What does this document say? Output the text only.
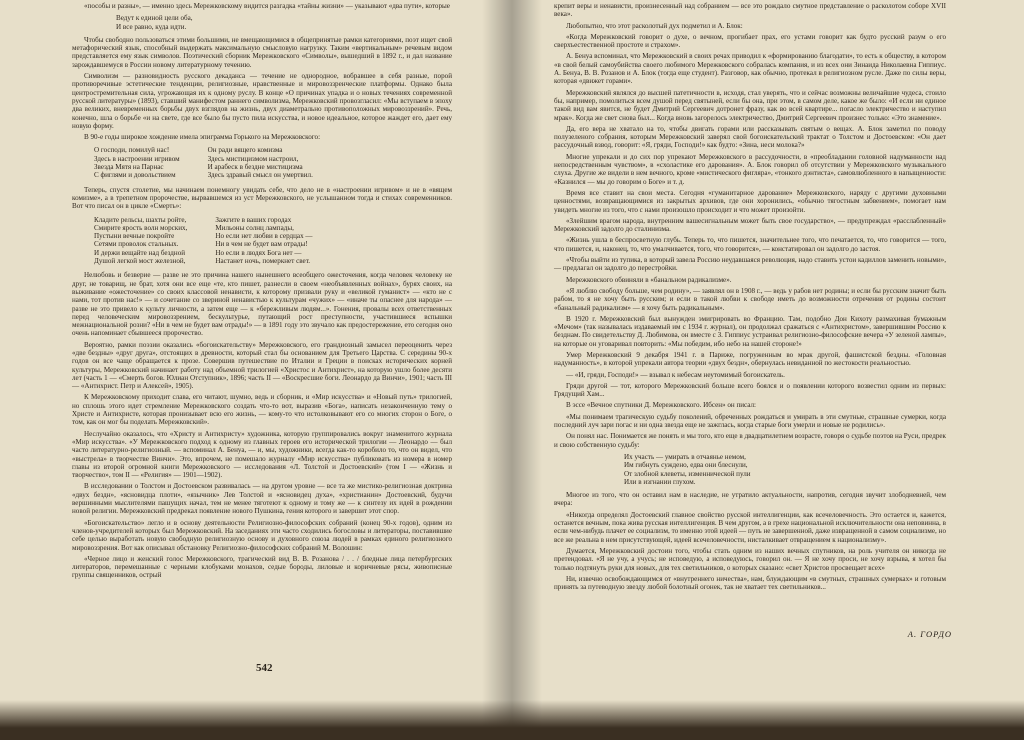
«пособы и разны», — именно здесь Мережковскому видится разгадка «тайны жизни» — указывают «два пути», которые

Ведут к единой цели оба,
И все равно, куда идти.

Чтобы свободно пользоваться этими большими, не вмещающимися в общепринятые рамки категориями, поэт ищет свой метафорический язык, способный выдержать максимальную смысловую нагрузку. Таким «вертикальным» речевым видом представляется ему язык символов. Поэтический сборник Мережковского «Символы», вышедший в 1892 г., и дал название зарождавшемуся в России новому литературному течению.

Символизм — разновидность русского декаданса — течение не однородное, вобравшее в себя разные, порой противоречивые эстетические тенденции, религиозные, нравственные и мировоззренческие платформы. Однако была центростремительная сила, угрожающая их к одному руслу. В конце «О причинах упадка и о новых течениях современной русской литературы» (1893), ставший манифестом раннего символизма, Мережковский провозгласил: «Мы вступаем в эпоху два великих, вневременных борьбы двух взглядов на жизнь, двух диаметрально противоположных мировоззрений». Речь, конечно, шла о борьбе «и на свете, где все было бы пусто пила искусства, и новое идеальное, которое жаждет его, дает ему новую форму.

В 90-е годы широкое хождение имела эпиграмма Горького на Мережковского:

О господи, помилуй нас!
Здесь в настроении игривом
Звезда Мятя на Парнас
С фиглями и довольствием
Он ради вящего комизма
Здесь мистицизмом настроил,
И арабеск в бездне мистицизма
Здесь здравый смысл он умертвил.

Теперь, спустя столетие, мы начинаем понемногу увидать себе, что дело не в «настроении игривом» и не в «вящем комизме», а в трепетном пророчестве, вырвавшемся из уст Мережковского, не услышанном тогда и стихах современников. Вот что писал он в цикле «Смерть»:

Кладите рельсы, шахты ройте,
Смирите ярость волн морских,
Пустыни вечные покройте
Сетями проволок стальных.
И держи вещайте над бездной
Душой легкой мост железной,
Зажгите в ваших городах
Мильоны солнц лампады,
Но если нет любви в сердцах —
Ни в чем не будет вам отрады!
Но если в людях Бога нет —
Настанет ночь, померкнет свет.

Нелюбовь и безверие — разве не это причина нашего нынешнего всеобщего ожесточения, когда человек человеку не друг, не товарищ, не брат, хотя они все еще «те, кто пишет, разнесли в своем «необъявленных войнах», бурях своих, на выживание «ожесточение» со своих классовой ненависти, к которому призвали руку и «великой гуманист» — «кто не с нами, тот против нас!» — и сочетание со звериной ненавистью к культурам «чужих» — «иначе ты опаснее для народа» — разве не это привело к культу личности, а затем еще — к «бережливым людям...». Гонения, провалы всех ответственных перед человеческим мировоззрением, бескультурье, путающий рост преступности, участившиеся вспышки межнациональной розни? «Ни в чем не будет вам отрады!» — в 1891 году это звучало как предостережение, ето сегодня оно очень напоминает сбывшееся пророчество.

Вероятно, рамки поэзии оказались «богоискательству» Мережковского, его грандиозный замысел переоценить через «две бездны» «друг друга», отстоящих в древности, который стал бы основанием для Третьего Царства. С середины 90-х годов он все чаще обращается к прозе. Совершив путешествие по Италии и Греции в поисках исторических корней культуры, Мережковский начинает работу над объемной трилогией «Христос и Антихрист», на которую ушло более десяти лет (часть 1 — «Смерть богов. Юлиан Отступник», 1896; часть II — «Воскресшие боги. Леонардо да Винчи», 1901; часть III — «Антихрист. Петр и Алексей», 1905).

К Мережковскому приходит слава, его читают, шумно, ведь и сборник, и «Мир искусства» и «Новый путь» трилогией, но сплошь этого идет стремление Мережковского создать что-то вот, выразив «Бога», написать незаконченную тему о Христе и Антихристе, которая пронизывает всю его жизнь, — кому-то что истолковывают его со многих сторон о Боге, о том, как он мог бы поделать Мережковский».

Неслучайно оказалось, что «Христу и Антихристу» художника, которую группировались вокруг знаменитого журнала «Мир искусства». «У Мережковского подход к одному из главных героев его исторической трилогии — Леонардо — был часто литературно-религиозный. — вспоминал А. Бенуа, — и, мы, художники, всегда как-то коробило то, что он видел, что «выстрела» в творчестве Винчи». Это, впрочем, не помешало журналу «Мир искусства» публиковать из номера в номер главы из второй огромной книги Мережковского — исследования «Л. Толстой и Достоевский» (том I — «Жизнь и творчество», том II — «Религия» — 1901—1902).

В исследовании о Толстом и Достоевском развивалась — на другом уровне — все та же мистико-религиозная доктрина «двух бездн», «ясновидца плоти», «язычник» Лев Толстой и «ясновидец духа», «христианин» Достоевский, будучи вершинными мыслителями пашущих начал, тем не менее тяготеют к одному и тому же — к синтезу их идей в рождении новой религии. Мережковский предрекал появление нового Пушкина, гения которого и завершит этот спор.

«Богоискательство» легло и в основу деятельности Религиозно-философских собраний (конец 90-х годов), одним из членов-учредителей которых был Мережковский. На заседаниях эти часто сходились богословы и литераторы, поставившие себе целью выработать новую свободную религиозную основу и духовного союза людей в рамках единого религиозного мировоззрения. Вот как описывал обстановку Религиозно-философских собраний М. Волошин:

«Черное лицо и женский голос Мережковского, трагический вид В. В. Розанова / . . / бледные лица петербургских литераторов, перемешанные с черными клобуками монахов, седые бороды, лиловые и коричневые рясы, живописные группы священников, острый

542

крепит веры и ненависти, произнесенный над собранием — все это рождало смутное представление о расколотом соборе XVII века».

Любопытно, что этот расколотый дух подметил и А. Блок:

«Когда Мережковский говорит о духе, о вечном, прогибает прах, его устами говорит как будто русский разум о его сверхъестественной простоте и страхом».

А. Бенуа вспоминал, что Мережковский в своих речах приводил к «формированию благодати», то есть к обществу, в котором «в свой белый самоубийства своего любимого Мережковского собралась компания, и из всех они Зинаида Николаевна Гиппиус. А. Бенуа, В. В. Розанов и А. Блок (тогда еще студент). Разговор, как обычно, протекал в религиозном русле. Даже по силы веры, которая «движет горами».

Мережковский являлся до высшей патетичности в, исходя, стал уверять, что и сейчас возможны величайшие чудеса, стоило бы, например, помолиться всем душой перед святыней, если бы она, при этом, в самом деле, какое же было: «И если ни единое такой вид вам явится, не будет Дмитрий Сергеевич дотронет фразу, как во всей квартире... погасло электричество и наступил мрак». Когда же свет снова был... Когда вновь загорелось электричество, Дмитрий Сергеевич произнес только: «Это знамение».

Да, его вера не хватало на то, чтобы двигать горами или рассказывать святым о вещах. А. Блок заметил по поводу полузеленого собрания, которым Мережковский заверял свой богоискательский трактат о Толстом и Достоевском: «Он дает рассудочный взвод, говорит: «Я, гряди, Господи!» как будто: «Зина, неси молока?»

Многие упрекали и до сих пор упрекают Мережковского в рассудочности, в «преобладании головной надуманности над непосредственным чувством», в «схоластике его дарования». А. Блок говорил об отсутствии у Мережковского музыкального слуха. Другие же видели в нем вечного, кроме «мистического фигляра», «тонкого дэнтиста», самовлюбленного в напыщенности: «Казнился — мы до говорим о Боге» и т. д.

Время все ставит на свои места. Сегодня «гуманитарное дарование» Мережковского, наряду с другими духовными ценностями, возвращающимися из закрытых архивов, где они хоронились, «обычно тягостным забвением», помогает нам увидеть многие из того, что с нами произошло происходит и что может произойти.

«Злейшим врагом народа, внутренним вашесигнальным может быть свое государство», — предупреждал «расслабленный» Мережковский задолго до сталинизма.

«Жизнь ушла в беспросветную глубь. Теперь то, что пишется, значительнее того, что печатается, то, что говорится — того, что пишется, и, наконец, то, что умалчивается, того, что говорится», — констатировал он задолго до застоя.

«Чтобы выйти из тупика, в который завела Россию неудавшаяся революция, надо ставить устои кадиллов заменить новыми», — предлагал он задолго до перестройки.

Мережковского обвиняли в «банальном радикализме».

«Я люблю свободу больше, чем родину», — заявлял он в 1908 г., — ведь у рабов нет родины; и если бы русским значит быть рабом, то я не хочу быть русским; и если в такой любви к свободе иметь до возможности отречения от родины состоит «банальный радикализм» — я хочу быть радикальным».

В 1920 г. Мережковский был вынужден эмигрировать во Францию. Там, подобно Дон Кихоту размахивая бумажным «Мечом» (так называлась издаваемый им с 1934 г. журнал), он продолжал сражаться с «Антихристом», завершившим Россию к безднам. По свидетельству Д. Любимова, он вместе с З. Гиппиус устраивал религиозно-философские вечера «У зеленой лампы», на которые он уговаривал повторить: «Мы победим, ибо небо на нашей стороне!»

Умер Мережковский 9 декабря 1941 г. в Париже, погруженным во мрак другой, фашистской бездны. «Головная надуманность», в которой упрекали автора теории «двух бездн», обернулась невиданной по жестокости реальностью.

— «И, гряди, Господи!» — взывал к небесам неутомимый богоискатель.

Гряди другой — тот, которого Мережковский больше всего боялся и о появлении которого возвестил одним из первых: Грядущий Хам...

В эссе «Вечное спутники Д. Мережковского. Ибсен» он писал:

«Мы понимаем трагическую судьбу поколений, обреченных рождаться и умирать в эти смутные, страшные сумерки, когда последний луч зари погас и ни одна звезда еще не зажглась, когда старые боги умерли и новые не родились».

Он понял нас. Понимается же понять и мы того, кто еще в двадцатилетнем возрасте, говоря о судьбе поэтов на Руси, предрек и свою собственную судьбу:

Их участь — умирать в отчаянье немом,
Им гибнуть суждено, едва они блеснули,
От злобной клеветы, изменнической пули
Или в изгнании глухом.

Многое из того, что он оставил нам в наследие, не утратило актуальности, напротив, сегодня звучит злободневней, чем вчера:

«Никогда определял Достоевский главное свойство русской интеллигенции, как всечеловечность. Это остается и, кажется, останется вечным, пока жива русская интеллигенция. В чем другом, а в грехе национальной исключительности она неповинна, в если чем-нибудь плачет ее социализм, то именно этой идеей — путь не завершенной, даже извращенной в самом социализме, но все же реальна в нем присутствующей, идеей всечеловечности, нисталкивает отвращением к национализму».

Думается, Мережковский достоин того, чтобы стать одним из наших вечных спутников, на роль учителя он никогда не претендовал. «Я не учу, а учусь; не исповедую, а исповедуюсь, говорил он. — Я не хочу проси, не хочу взрыва, я хотел бы только подтянуть руки для новых, для тех светильников, о которых сказано: «свет Христов просвещает всех»

Ни, извечно освобождающимся от «внутреннего ничества», нам, блуждающим «в смутных, страшных сумерках» и готовым принять за путеводную звезду любой болотный огонек, так не хватает тех светильников...

А. ГОРДО
